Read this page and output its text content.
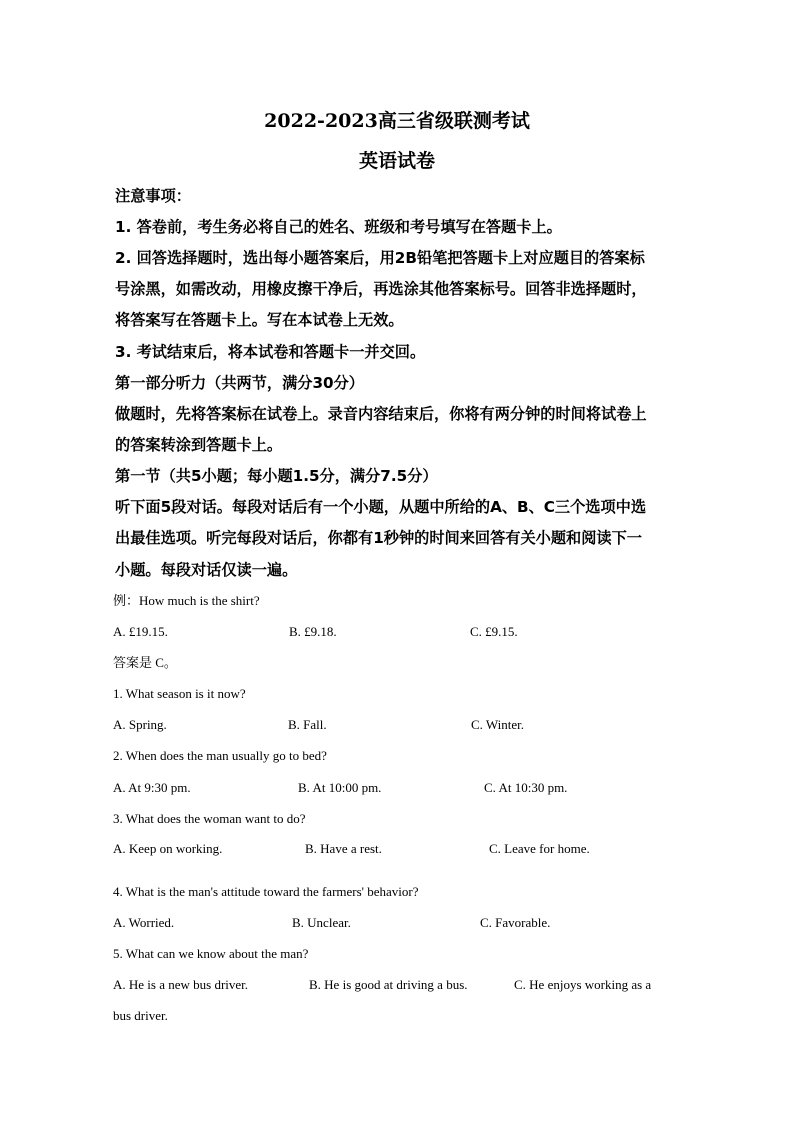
2022-2023高三省级联测考试
英语试卷
注意事项：
1. 答卷前，考生务必将自己的姓名、班级和考号填写在答题卡上。
2. 回答选择题时，选出每小题答案后，用2B铅笔把答题卡上对应题目的答案标
号涂黑，如需改动，用橡皮擦干净后，再选涂其他答案标号。回答非选择题时，
将答案写在答题卡上。写在本试卷上无效。
3. 考试结束后，将本试卷和答题卡一并交回。
第一部分听力（共两节，满分30分）
做题时，先将答案标在试卷上。录音内容结束后，你将有两分钟的时间将试卷上
的答案转涂到答题卡上。
第一节（共5小题；每小题1.5分，满分7.5分）
听下面5段对话。每段对话后有一个小题，从题中所给的A、B、C三个选项中选
出最佳选项。听完每段对话后，你都有1秒钟的时间来回答有关小题和阅读下一
小题。每段对话仅读一遍。
例：How much is the shirt?
A. £19.15.	B. £9.18.	C. £9.15.
答案是 C。
1. What season is it now?
A. Spring.	B. Fall.	C. Winter.
2. When does the man usually go to bed?
A. At 9:30 pm.	B. At 10:00 pm.	C. At 10:30 pm.
3. What does the woman want to do?
A. Keep on working.	B. Have a rest.	C. Leave for home.
4. What is the man's attitude toward the farmers' behavior?
A. Worried.	B. Unclear.	C. Favorable.
5. What can we know about the man?
A. He is a new bus driver.	B. He is good at driving a bus.	C. He enjoys working as a
bus driver.
